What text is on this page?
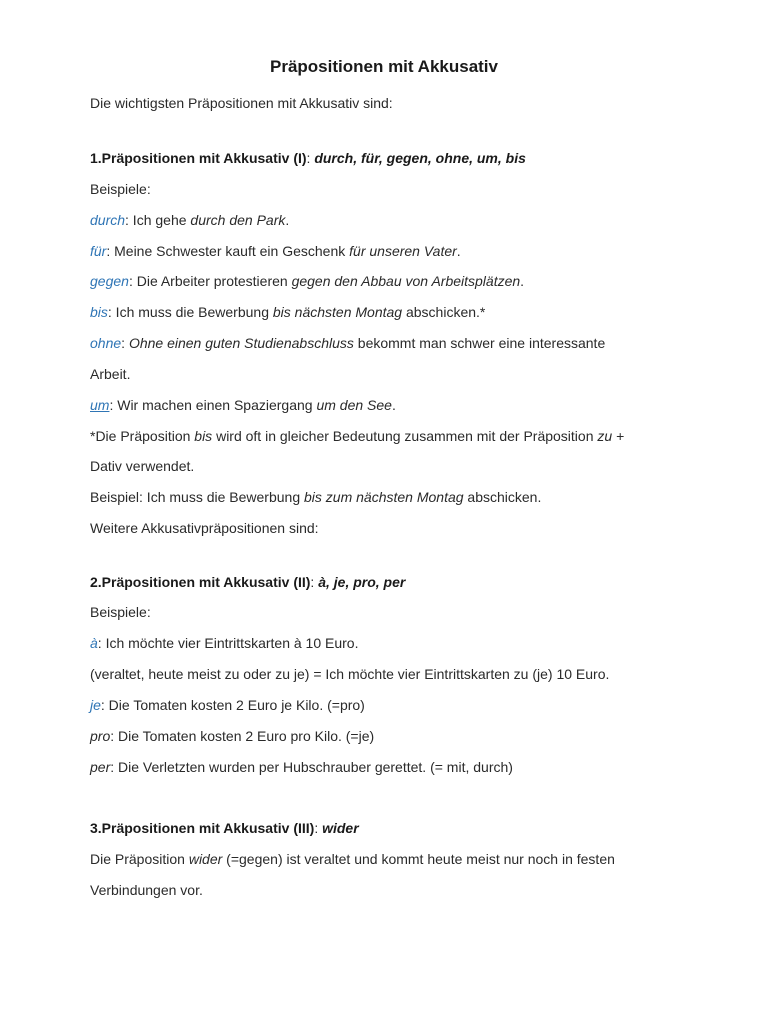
Präpositionen mit Akkusativ
Die wichtigsten Präpositionen mit Akkusativ sind:
1.Präpositionen mit Akkusativ (I): durch, für, gegen, ohne, um, bis
Beispiele:
durch: Ich gehe durch den Park.
für: Meine Schwester kauft ein Geschenk für unseren Vater.
gegen: Die Arbeiter protestieren gegen den Abbau von Arbeitsplätzen.
bis: Ich muss die Bewerbung bis nächsten Montag abschicken.*
ohne: Ohne einen guten Studienabschluss bekommt man schwer eine interessante
Arbeit.
um: Wir machen einen Spaziergang um den See.
*Die Präposition bis wird oft in gleicher Bedeutung zusammen mit der Präposition zu +
Dativ verwendet.
Beispiel: Ich muss die Bewerbung bis zum nächsten Montag abschicken.
Weitere Akkusativpräpositionen sind:
2.Präpositionen mit Akkusativ (II): à, je, pro, per
Beispiele:
à: Ich möchte vier Eintrittskarten à 10 Euro.
(veraltet, heute meist zu oder zu je) = Ich möchte vier Eintrittskarten zu (je) 10 Euro.
je: Die Tomaten kosten 2 Euro je Kilo. (=pro)
pro: Die Tomaten kosten 2 Euro pro Kilo. (=je)
per: Die Verletzten wurden per Hubschrauber gerettet. (= mit, durch)
3.Präpositionen mit Akkusativ (III): wider
Die Präposition wider (=gegen) ist veraltet und kommt heute meist nur noch in festen
Verbindungen vor.
